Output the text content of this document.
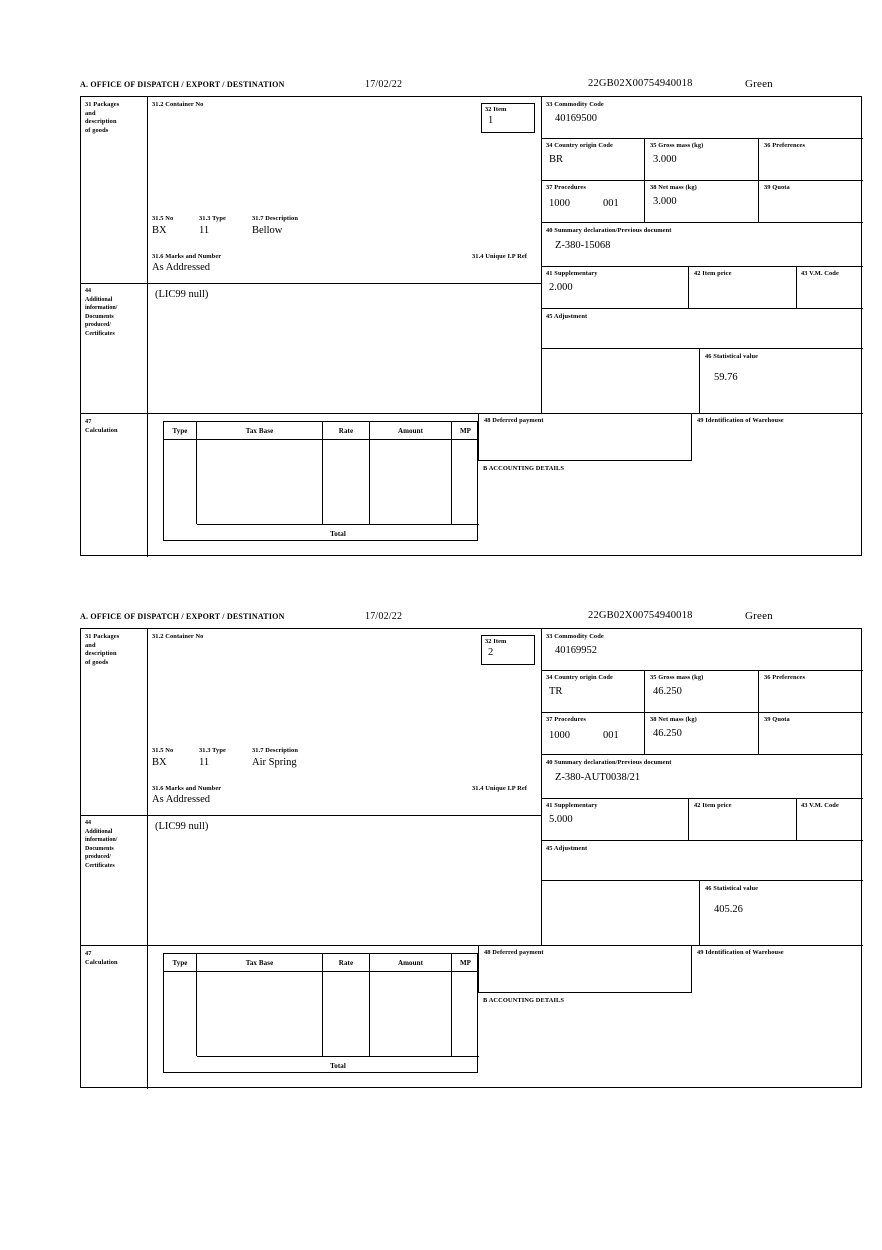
A. OFFICE OF DISPATCH / EXPORT / DESTINATION	17/02/22	22GB02X00754940018	Green
31 Packages
and
description
of goods
44
Additional
information/
Documents
produced/
Certificates
47
Calculation
31.2 Container No
31.5 No	31.3 Type	31.7 Description
BX	11	Bellow
31.6 Marks and Number	31.4 Unique I.P Ref
As Addressed
32 Item
1
33 Commodity Code
40169500
34 Country origin Code
BR
35 Gross mass (kg)
3.000
36 Preferences
37 Procedures
1000	001
38 Net mass (kg)
3.000
39 Quota
40 Summary declaration/Previous document
Z-380-15068
41 Supplementary
2.000
42 Item price	43 V.M. Code
45 Adjustment
46 Statistical value
59.76
(LIC99 null)
Type	Tax Base	Rate	Amount	MP
Total
48 Deferred payment	49 Identification of Warehouse
B ACCOUNTING DETAILS
A. OFFICE OF DISPATCH / EXPORT / DESTINATION	17/02/22	22GB02X00754940018	Green
31 Packages
and
description
of goods
44
Additional
information/
Documents
produced/
Certificates
47
Calculation
31.2 Container No
31.5 No	31.3 Type	31.7 Description
BX	11	Air Spring
31.6 Marks and Number	31.4 Unique I.P Ref
As Addressed
32 Item
2
33 Commodity Code
40169952
34 Country origin Code
TR
35 Gross mass (kg)
46.250
36 Preferences
37 Procedures
1000	001
38 Net mass (kg)
46.250
39 Quota
40 Summary declaration/Previous document
Z-380-AUT0038/21
41 Supplementary
5.000
42 Item price	43 V.M. Code
45 Adjustment
46 Statistical value
405.26
(LIC99 null)
Type	Tax Base	Rate	Amount	MP
Total
48 Deferred payment	49 Identification of Warehouse
B ACCOUNTING DETAILS
